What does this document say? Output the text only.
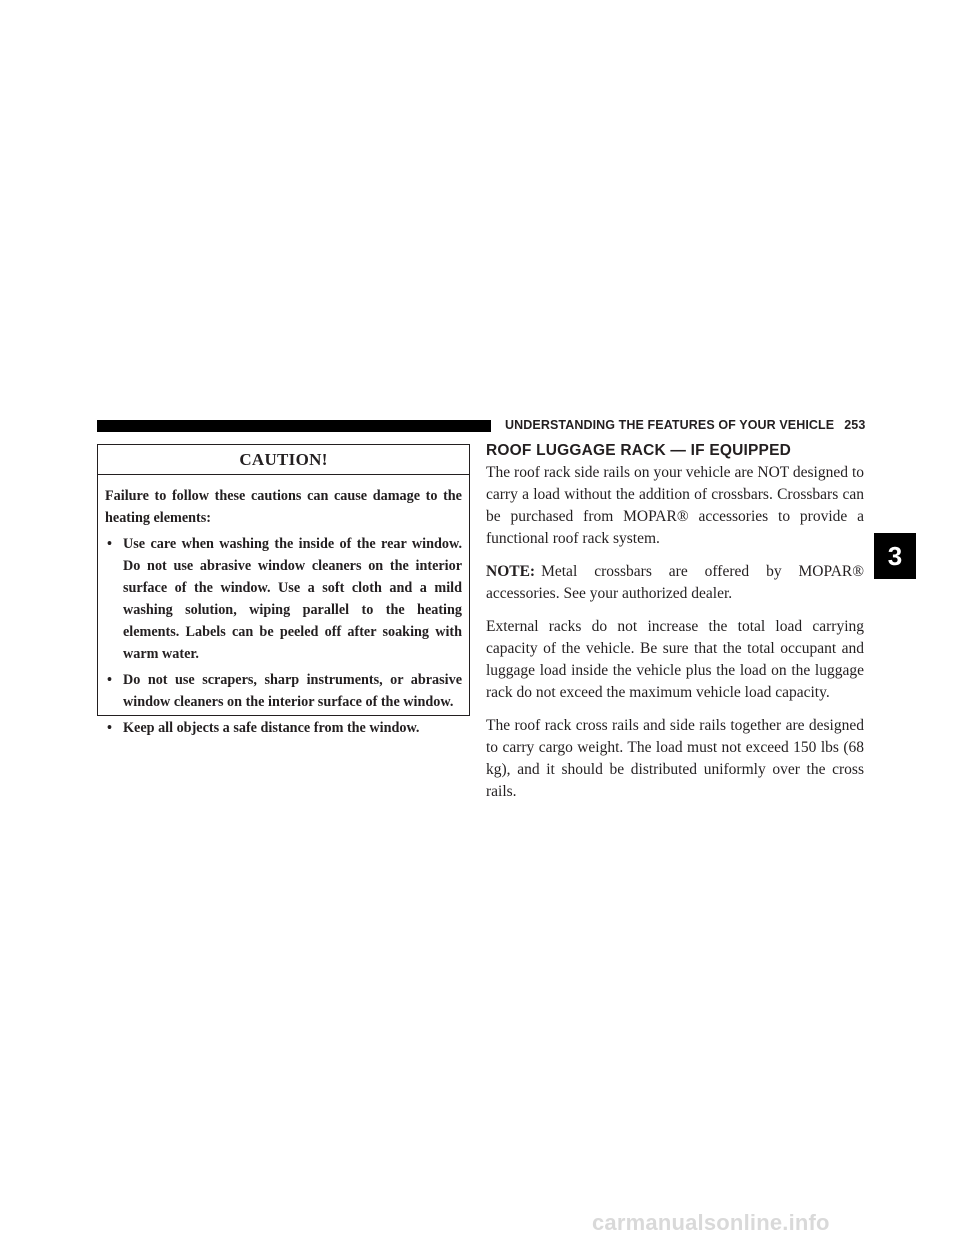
UNDERSTANDING THE FEATURES OF YOUR VEHICLE 253
CAUTION!
Failure to follow these cautions can cause damage to the heating elements:
• Use care when washing the inside of the rear window. Do not use abrasive window cleaners on the interior surface of the window. Use a soft cloth and a mild washing solution, wiping parallel to the heating elements. Labels can be peeled off after soaking with warm water.
• Do not use scrapers, sharp instruments, or abrasive window cleaners on the interior surface of the window.
• Keep all objects a safe distance from the window.
ROOF LUGGAGE RACK — IF EQUIPPED

The roof rack side rails on your vehicle are NOT designed to carry a load without the addition of crossbars. Crossbars can be purchased from MOPAR® accessories to provide a functional roof rack system.

NOTE: Metal crossbars are offered by MOPAR® accessories. See your authorized dealer.

External racks do not increase the total load carrying capacity of the vehicle. Be sure that the total occupant and luggage load inside the vehicle plus the load on the luggage rack do not exceed the maximum vehicle load capacity.

The roof rack cross rails and side rails together are designed to carry cargo weight. The load must not exceed 150 lbs (68 kg), and it should be distributed uniformly over the cross rails.

3
carmanualsonline.info
